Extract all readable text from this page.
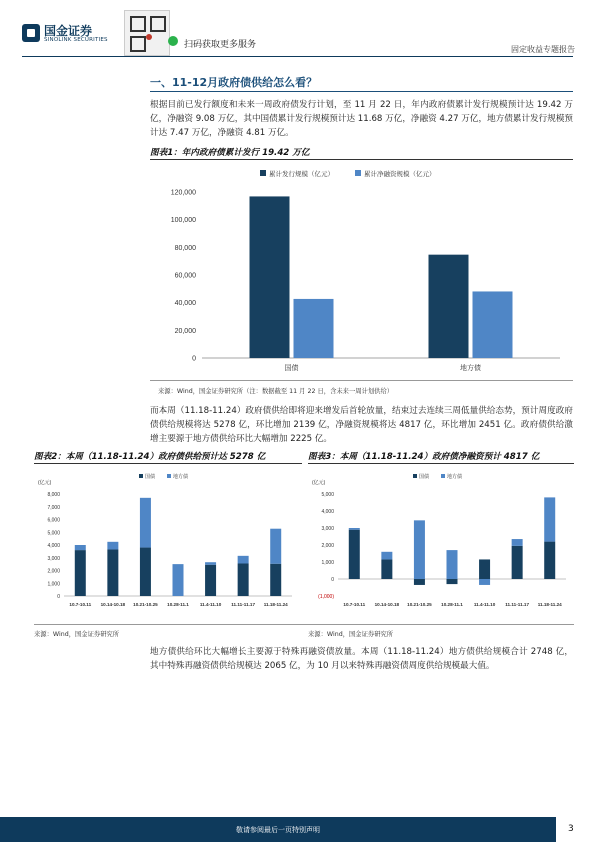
国金证券
SINOLINK SECURITIES	扫码获取更多服务	固定收益专题报告
一、11-12月政府债供给怎么看？
根据目前已发行额度和未来一周政府债发行计划，至 11 月 22 日，年内政府债累计发行规模预计达 19.42 万亿，净融资 9.08 万亿，其中国债累计发行规模预计达 11.68 万亿，净融资 4.27 万亿，地方债累计发行规模预计达 7.47 万亿，净融资 4.81 万亿。
图表1：年内政府债累计发行 19.42 万亿
累计发行规模（亿元）	累计净融资规模（亿元）
0
20,000
40,000
60,000
80,000
100,000
120,000
国债	地方债
来源：Wind，国金证券研究所（注：数据截至 11 月 22 日，含未来一周计划供给）
而本周（11.18-11.24）政府债供给即将迎来增发后首轮放量，结束过去连续三周低量供给态势，预计周度政府债供给规模将达 5278 亿，环比增加 2139 亿，净融资规模将达 4817 亿，环比增加 2451 亿。政府债供给激增主要源于地方债供给环比大幅增加 2225 亿。
图表2：本周（11.18-11.24）政府债供给预计达 5278 亿	图表3：本周（11.18-11.24）政府债净融资预计 4817 亿
(亿元)
国债	地方债
0
1,000
2,000
3,000
4,000
5,000
6,000
7,000
8,000
10.7-10.11 10.14-10.18 10.21-10.25 10.28-11.1 11.4-11.10 11.11-11.17 11.18-11.24
(亿元)
国债	地方债
(1,000)
0
1,000
2,000
3,000
4,000
5,000
10.7-10.11 10.14-10.18 10.21-10.25 10.28-11.1 11.4-11.10 11.11-11.17 11.18-11.24
来源：Wind，国金证券研究所	来源：Wind，国金证券研究所
地方债供给环比大幅增长主要源于特殊再融资债放量。本周（11.18-11.24）地方债供给规模合计 2748 亿，其中特殊再融资债供给规模达 2065 亿，为 10 月以来特殊再融资债周度供给规模最大值。
敬请参阅最后一页特别声明	3
